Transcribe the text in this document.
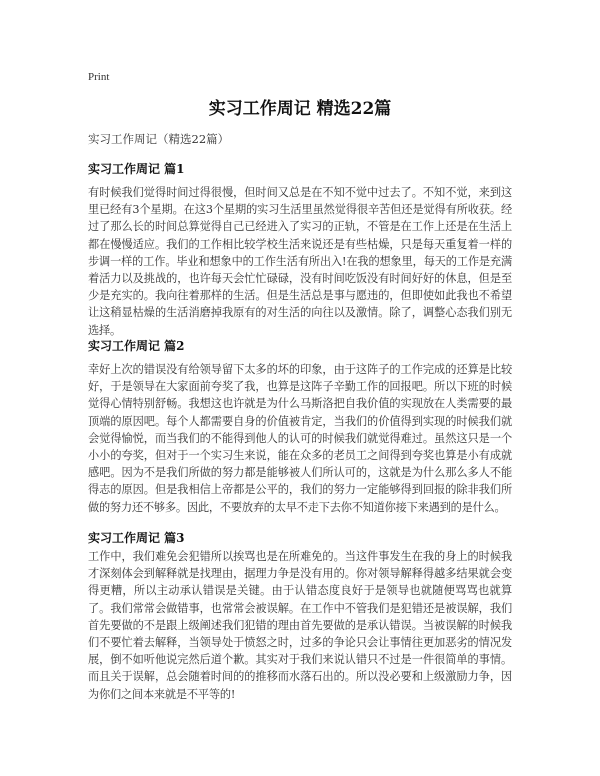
Print
实习工作周记 精选22篇

实习工作周记（精选22篇）

实习工作周记 篇1

有时候我们觉得时间过得很慢，但时间又总是在不知不觉中过去了。不知不觉，来到这里已经有3个星期。在这3个星期的实习生活里虽然觉得很辛苦但还是觉得有所收获。经过了那么长的时间总算觉得自己已经进入了实习的正轨，不管是在工作上还是在生活上都在慢慢适应。我们的工作相比较学校生活来说还是有些枯燥，只是每天重复着一样的步调一样的工作。毕业和想象中的工作生活有所出入!在我的想象里，每天的工作是充满着活力以及挑战的，也许每天会忙忙碌碌，没有时间吃饭没有时间好好的休息，但是至少是充实的。我向往着那样的生活。但是生活总是事与愿违的，但即使如此我也不希望让这稍显枯燥的生活消磨掉我原有的对生活的向往以及激情。除了，调整心态我们别无选择。

实习工作周记 篇2

幸好上次的错误没有给领导留下太多的坏的印象，由于这阵子的工作完成的还算是比较好，于是领导在大家面前夸奖了我，也算是这阵子辛勤工作的回报吧。所以下班的时候觉得心情特别舒畅。我想这也许就是为什么马斯洛把自我价值的实现放在人类需要的最顶端的原因吧。每个人都需要自身的价值被肯定，当我们的价值得到实现的时候我们就会觉得愉悦，而当我们的不能得到他人的认可的时候我们就觉得难过。虽然这只是一个小小的夸奖，但对于一个实习生来说，能在众多的老员工之间得到夸奖也算是小有成就感吧。因为不是我们所做的努力都是能够被人们所认可的，这就是为什么那么多人不能得志的原因。但是我相信上帝都是公平的，我们的努力一定能够得到回报的除非我们所做的努力还不够多。因此，不要放弃的太早不走下去你不知道你接下来遇到的是什么。

实习工作周记 篇3

工作中，我们难免会犯错所以挨骂也是在所难免的。当这件事发生在我的身上的时候我才深刻体会到解释就是找理由，据理力争是没有用的。你对领导解释得越多结果就会变得更糟，所以主动承认错误是关键。由于认错态度良好于是领导也就随便骂骂也就算了。我们常常会做错事，也常常会被误解。在工作中不管我们是犯错还是被误解，我们首先要做的不是跟上级阐述我们犯错的理由首先要做的是承认错误。当被误解的时候我们不要忙着去解释，当领导处于愤怒之时，过多的争论只会让事情往更加恶劣的情况发展，倒不如听他说完然后道个歉。其实对于我们来说认错只不过是一件很简单的事情。而且关于误解，总会随着时间的的推移而水落石出的。所以没必要和上级激励力争，因为你们之间本来就是不平等的!
